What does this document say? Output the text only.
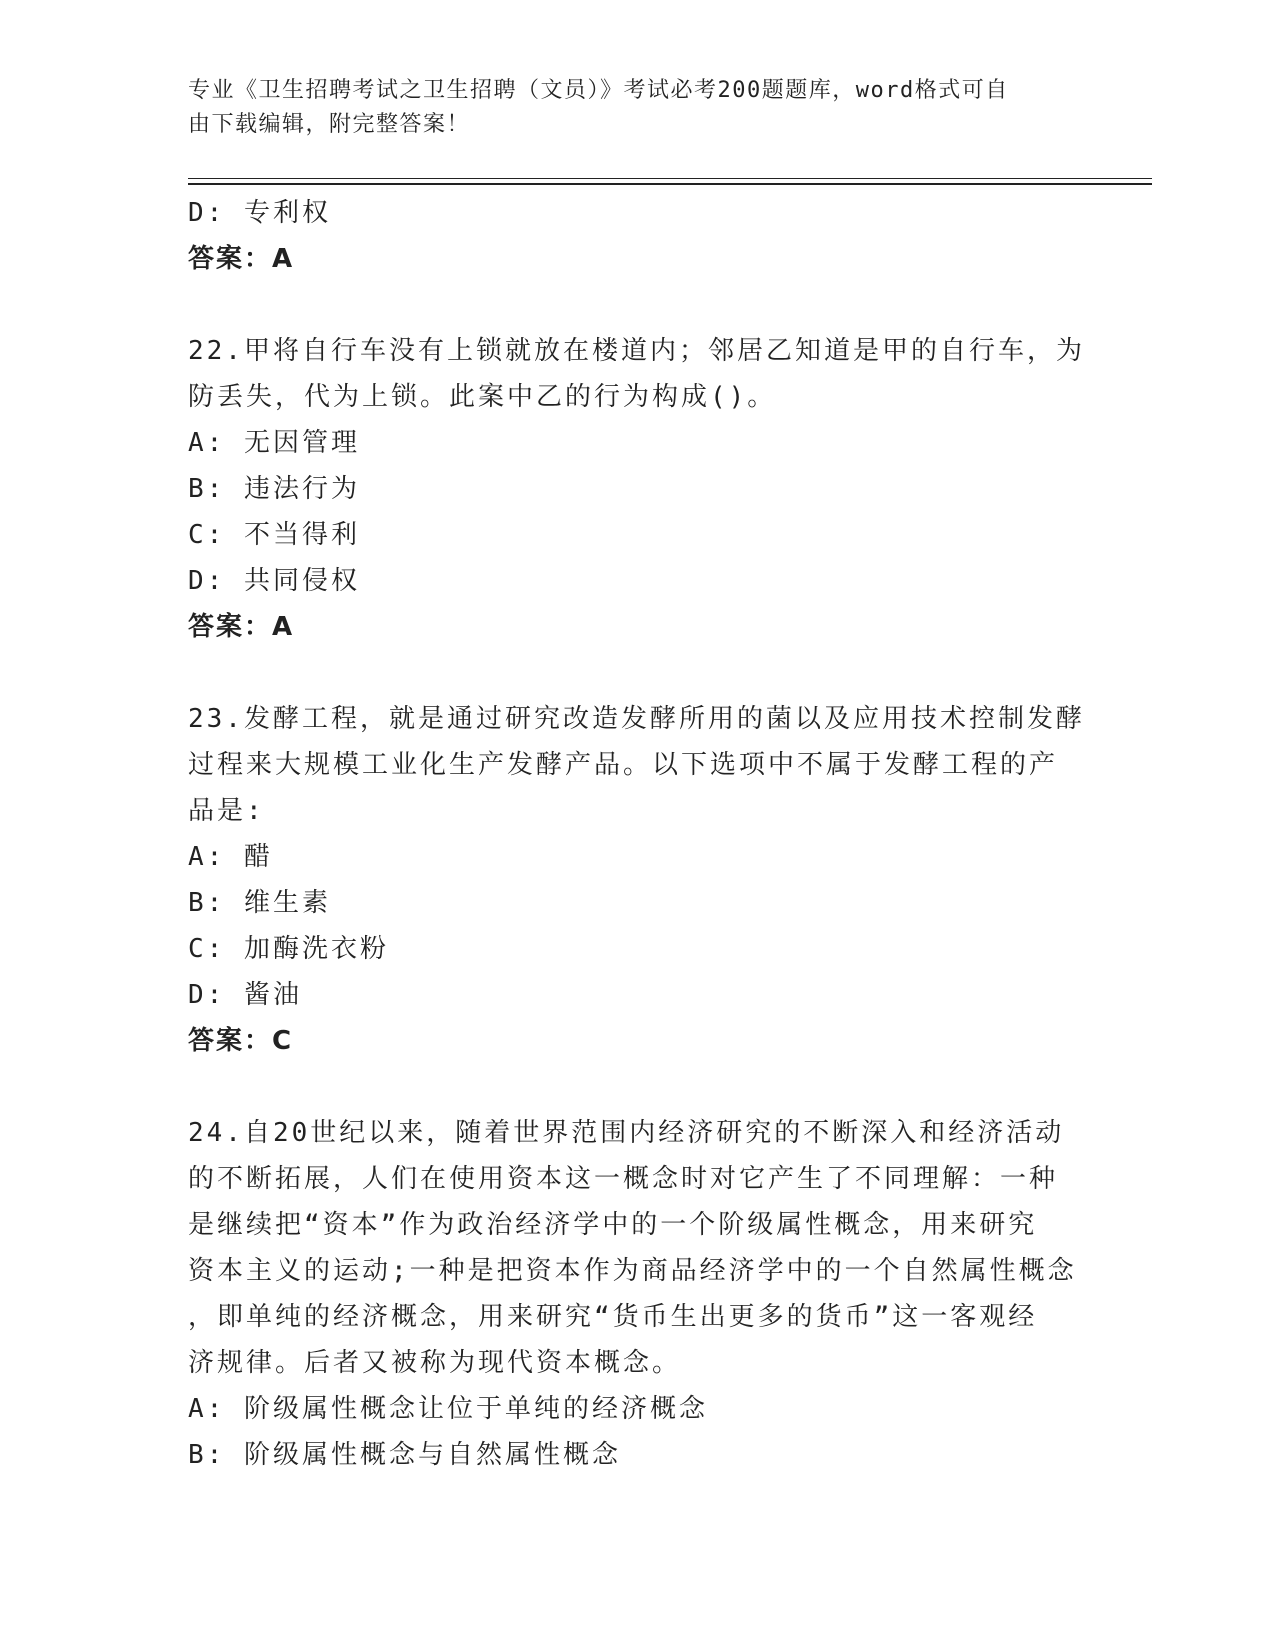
专业《卫生招聘考试之卫生招聘（文员）》考试必考200题题库，word格式可自
由下载编辑，附完整答案！
D: 专利权
答案：A
22.甲将自行车没有上锁就放在楼道内；邻居乙知道是甲的自行车，为
防丢失，代为上锁。此案中乙的行为构成()。
A: 无因管理
B: 违法行为
C: 不当得利
D: 共同侵权
答案：A
23.发酵工程，就是通过研究改造发酵所用的菌以及应用技术控制发酵
过程来大规模工业化生产发酵产品。以下选项中不属于发酵工程的产
品是:
A: 醋
B: 维生素
C: 加酶洗衣粉
D: 酱油
答案：C
24.自20世纪以来，随着世界范围内经济研究的不断深入和经济活动
的不断拓展，人们在使用资本这一概念时对它产生了不同理解：一种
是继续把“资本”作为政治经济学中的一个阶级属性概念，用来研究
资本主义的运动;一种是把资本作为商品经济学中的一个自然属性概念
，即单纯的经济概念，用来研究“货币生出更多的货币”这一客观经
济规律。后者又被称为现代资本概念。
A: 阶级属性概念让位于单纯的经济概念
B: 阶级属性概念与自然属性概念
